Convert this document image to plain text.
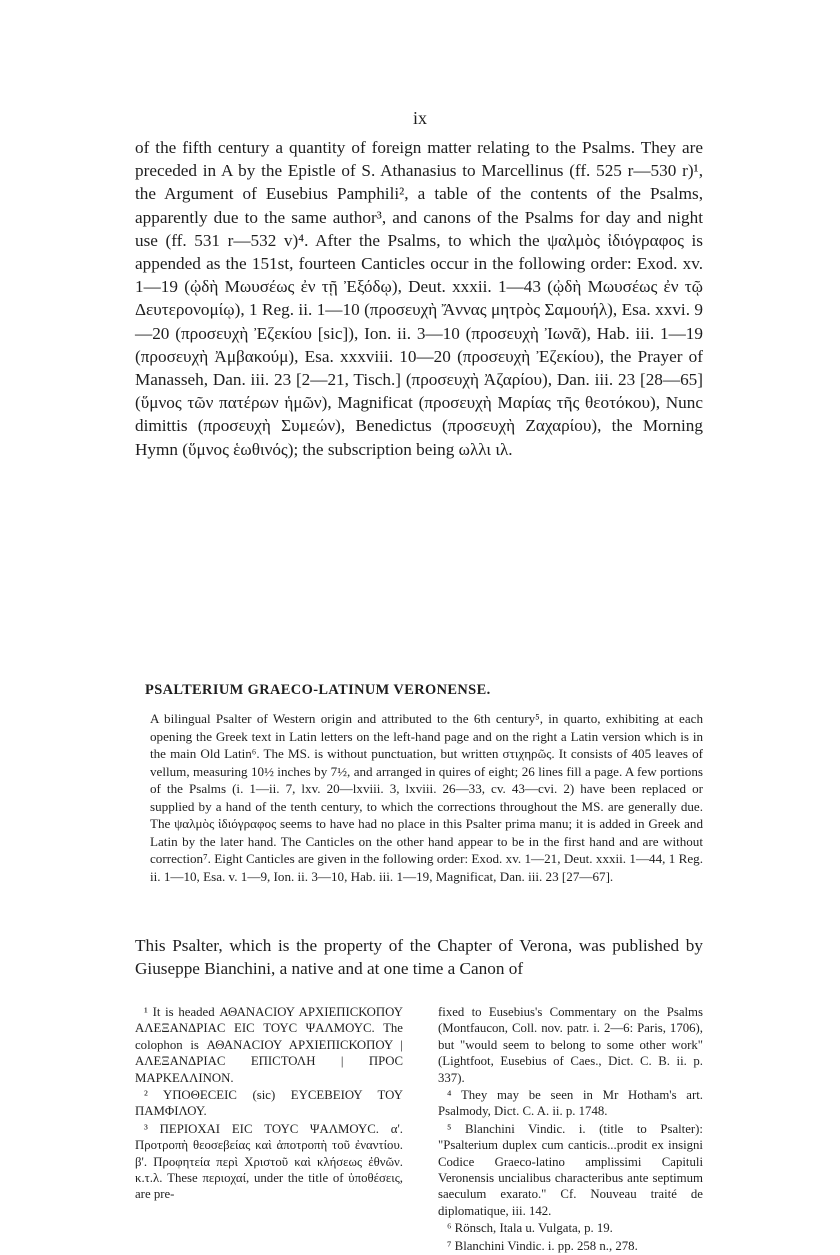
ix

of the fifth century a quantity of foreign matter relating to the Psalms. They are preceded in A by the Epistle of S. Athanasius to Marcellinus (ff. 525 r—530 r)¹, the Argument of Eusebius Pamphili², a table of the contents of the Psalms, apparently due to the same author³, and canons of the Psalms for day and night use (ff. 531 r—532 v)⁴. After the Psalms, to which the ψαλμὸς ἰδιόγραφος is appended as the 151st, fourteen Canticles occur in the following order: Exod. xv. 1—19 (ᾠδὴ Μωυσέως ἐν τῇ Ἐξόδῳ), Deut. xxxii. 1—43 (ᾠδὴ Μωυσέως ἐν τῷ Δευτερονομίῳ), 1 Reg. ii. 1—10 (προσευχὴ Ἄννας μητρὸς Σαμουήλ), Esa. xxvi. 9—20 (προσευχὴ Ἐζεκίου [sic]), Ion. ii. 3—10 (προσευχὴ Ἰωνᾶ), Hab. iii. 1—19 (προσευχὴ Ἀμβακούμ), Esa. xxxviii. 10—20 (προσευχὴ Ἐζεκίου), the Prayer of Manasseh, Dan. iii. 23 [2—21, Tisch.] (προσευχὴ Ἀζαρίου), Dan. iii. 23 [28—65] (ὕμνος τῶν πατέρων ἡμῶν), Magnificat (προσευχὴ Μαρίας τῆς θεοτόκου), Nunc dimittis (προσευχὴ Συμεών), Benedictus (προσευχὴ Ζαχαρίου), the Morning Hymn (ὕμνος ἑωθινός); the subscription being ωλλι ιλ.

PSALTERIUM GRAECO-LATINUM VERONENSE.

A bilingual Psalter of Western origin and attributed to the 6th century⁵, in quarto, exhibiting at each opening the Greek text in Latin letters on the left-hand page and on the right a Latin version which is in the main Old Latin⁶. The MS. is without punctuation, but written στιχηρῶς. It consists of 405 leaves of vellum, measuring 10½ inches by 7½, and arranged in quires of eight; 26 lines fill a page. A few portions of the Psalms (i. 1—ii. 7, lxv. 20—lxviii. 3, lxviii. 26—33, cv. 43—cvi. 2) have been replaced or supplied by a hand of the tenth century, to which the corrections throughout the MS. are generally due. The ψαλμὸς ἰδιόγραφος seems to have had no place in this Psalter prima manu; it is added in Greek and Latin by the later hand. The Canticles on the other hand appear to be in the first hand and are without correction⁷. Eight Canticles are given in the following order: Exod. xv. 1—21, Deut. xxxii. 1—44, 1 Reg. ii. 1—10, Esa. v. 1—9, Ion. ii. 3—10, Hab. iii. 1—19, Magnificat, Dan. iii. 23 [27—67].

This Psalter, which is the property of the Chapter of Verona, was published by Giuseppe Bianchini, a native and at one time a Canon of

¹ It is headed ΑΘΑΝΑCΙΟΥ ΑΡΧΙΕΠΙCΚΟΠΟΥ ΑΛΕΞΑΝΔΡΙΑC ΕΙC ΤΟΥC ΨΑΛΜΟΥC. The colophon is ΑΘΑΝΑCΙΟΥ ΑΡΧΙΕΠΙCΚΟΠΟΥ | ΑΛΕΞΑΝΔΡΙΑC ΕΠΙCΤΟΛΗ | ΠΡΟC ΜΑΡΚΕΛΛΙΝΟΝ.

² ΥΠΟΘΕCΕΙC (sic) ΕΥCΕΒΕΙΟΥ ΤΟΥ ΠΑΜΦΙΛΟΥ.

³ ΠΕΡΙΟΧΑΙ ΕΙC ΤΟΥC ΨΑΛΜΟΥC. α'. Προτροπὴ θεοσεβείας καὶ ἀποτροπὴ τοῦ ἐναντίου. β'. Προφητεία περὶ Χριστοῦ καὶ κλήσεως ἐθνῶν. κ.τ.λ. These περιοχαί, under the title of ὑποθέσεις, are pre-

fixed to Eusebius's Commentary on the Psalms (Montfaucon, Coll. nov. patr. i. 2—6: Paris, 1706), but "would seem to belong to some other work" (Lightfoot, Eusebius of Caes., Dict. C. B. ii. p. 337).

⁴ They may be seen in Mr Hotham's art. Psalmody, Dict. C. A. ii. p. 1748.

⁵ Blanchini Vindic. i. (title to Psalter): "Psalterium duplex cum canticis...prodit ex insigni Codice Graeco-latino amplissimi Capituli Veronensis uncialibus characteribus ante septimum saeculum exarato." Cf. Nouveau traité de diplomatique, iii. 142.

⁶ Rönsch, Itala u. Vulgata, p. 19.

⁷ Blanchini Vindic. i. pp. 258 n., 278.
